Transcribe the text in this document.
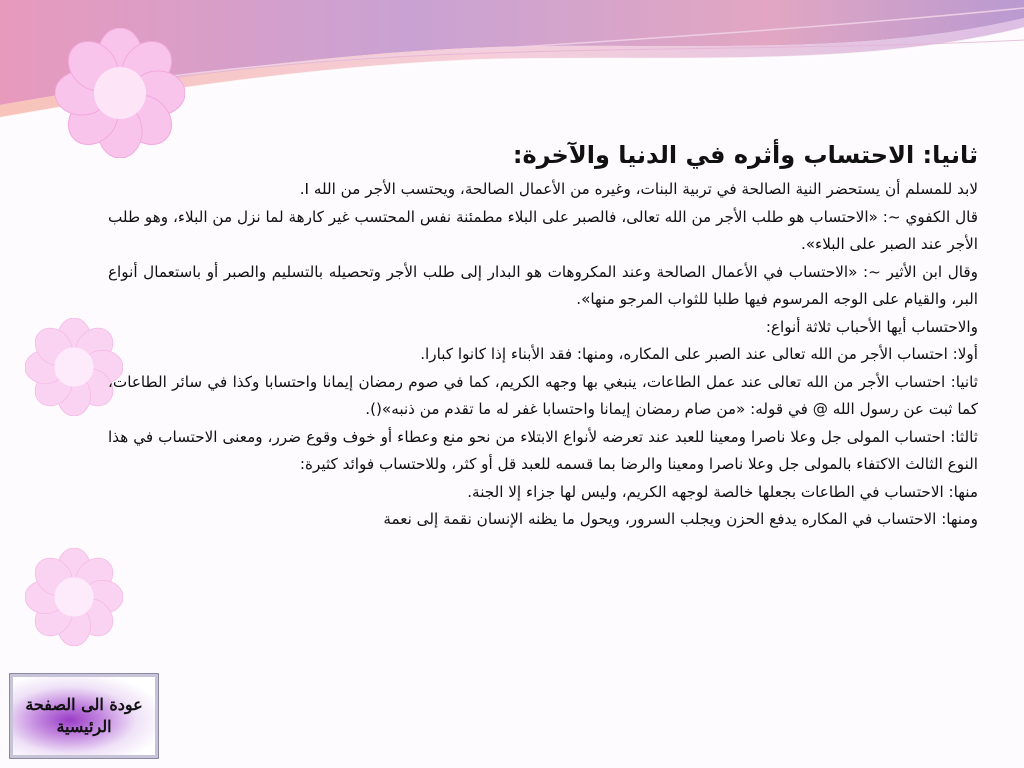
ثانيا: الاحتساب وأثره في الدنيا والآخرة:

لابد للمسلم أن يستحضر النية الصالحة في تربية البنات، وغيره من الأعمال الصالحة، ويحتسب الأجر من الله I.

قال الكفوي ~: «الاحتساب هو طلب الأجر من الله تعالى، فالصبر على البلاء مطمئنة نفس المحتسب غير كارهة لما نزل من البلاء، وهو طلب الأجر عند الصبر على البلاء».

وقال ابن الأثير ~: «الاحتساب في الأعمال الصالحة وعند المكروهات هو البدار إلى طلب الأجر وتحصيله بالتسليم والصبر أو باستعمال أنواع البر، والقيام على الوجه المرسوم فيها طلبا للثواب المرجو منها».

والاحتساب أيها الأحباب ثلاثة أنواع:

أولا: احتساب الأجر من الله تعالى عند الصبر على المكاره، ومنها: فقد الأبناء إذا كانوا كبارا.

ثانيا: احتساب الأجر من الله تعالى عند عمل الطاعات، ينبغي بها وجهه الكريم، كما في صوم رمضان إيمانا واحتسابا وكذا في سائر الطاعات، كما ثبت عن رسول الله @ في قوله: «من صام رمضان إيمانا واحتسابا غفر له ما تقدم من ذنبه»().

ثالثا: احتساب المولى جل وعلا ناصرا ومعينا للعبد عند تعرضه لأنواع الابتلاء من نحو منع وعطاء أو خوف وقوع ضرر، ومعنى الاحتساب في هذا النوع الثالث الاكتفاء بالمولى جل وعلا ناصرا ومعينا والرضا بما قسمه للعبد قل أو كثر، وللاحتساب فوائد كثيرة:

منها: الاحتساب في الطاعات بجعلها خالصة لوجهه الكريم، وليس لها جزاء إلا الجنة.

ومنها: الاحتساب في المكاره يدفع الحزن ويجلب السرور، ويحول ما يظنه الإنسان نقمة إلى نعمة

عودة الى الصفحة الرئيسية
